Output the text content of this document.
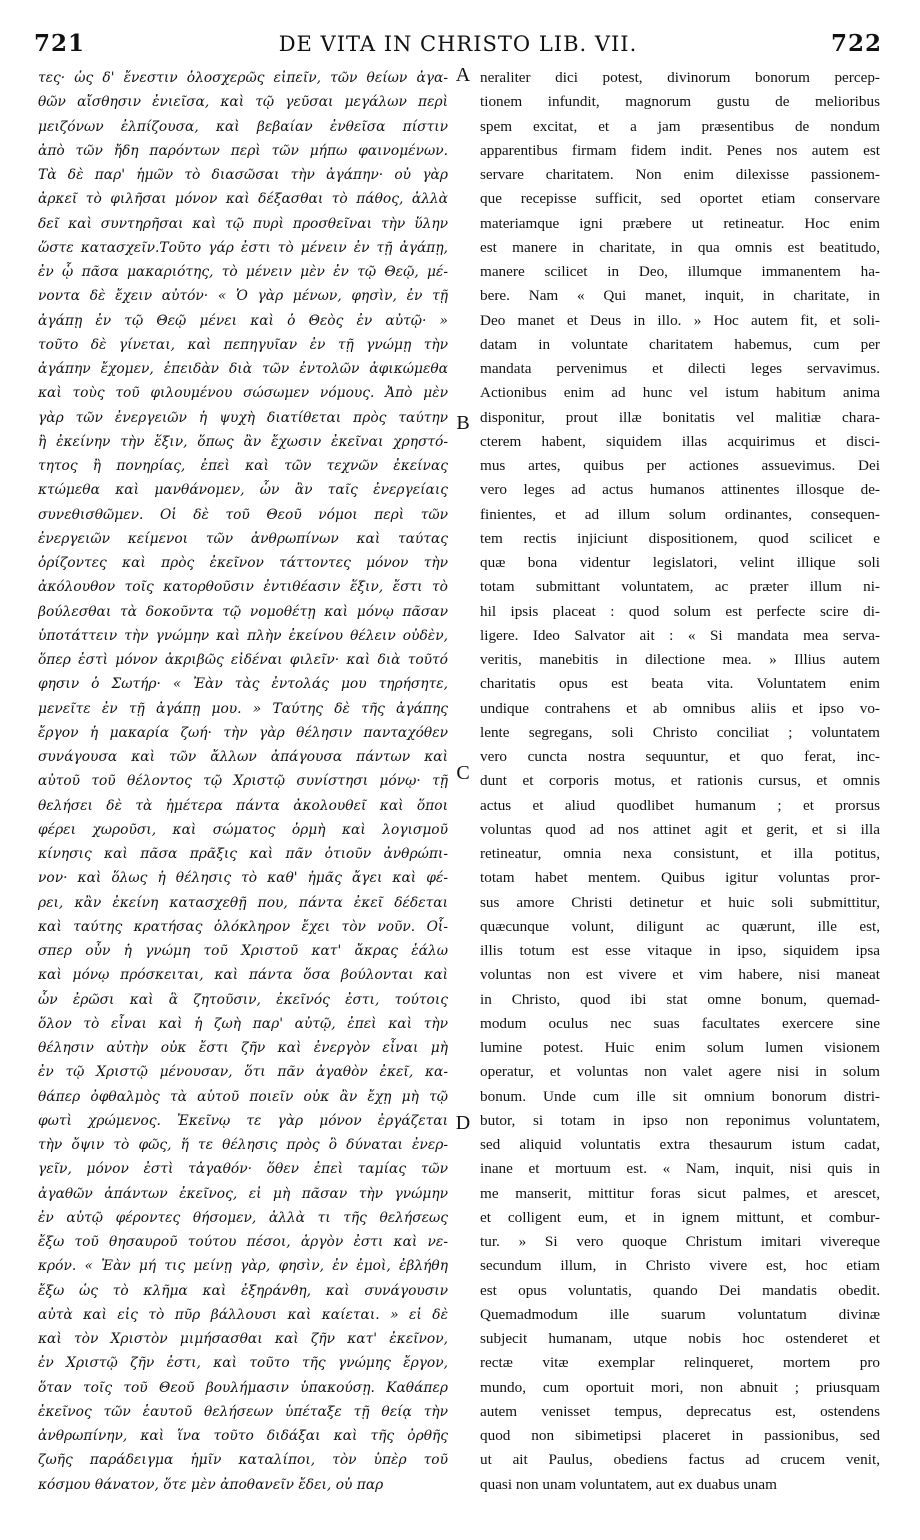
721	DE VITA IN CHRISTO LIB. VII.	722
τες· ὡς δ' ἔνεστιν ὁλοσχερῶς εἰπεῖν, τῶν θείων ἀγα-
θῶν αἴσθησιν ἐνιεῖσα, καὶ τῷ γεῦσαι μεγάλων περὶ
μειζόνων ἐλπίζουσα, καὶ βεβαίαν ἐνθεῖσα πίστιν
ἀπὸ τῶν ἤδη παρόντων περὶ τῶν μήπω φαινομένων.
Τὰ δὲ παρ' ἡμῶν τὸ διασῶσαι τὴν ἀγάπην· οὐ γὰρ
ἀρκεῖ τὸ φιλῆσαι μόνον καὶ δέξασθαι τὸ πάθος, ἀλλὰ
δεῖ καὶ συντηρῆσαι καὶ τῷ πυρὶ προσθεῖναι τὴν ὕλην
ὥστε κατασχεῖν.Τοῦτο γάρ ἐστι τὸ μένειν ἐν τῇ ἀγάπῃ,
ἐν ᾧ πᾶσα μακαριότης, τὸ μένειν μὲν ἐν τῷ Θεῷ, μέ-
νοντα δὲ ἔχειν αὐτόν· « Ὁ γὰρ μένων, φησὶν, ἐν τῇ
ἀγάπῃ ἐν τῷ Θεῷ μένει καὶ ὁ Θεὸς ἐν αὐτῷ· »
τοῦτο δὲ γίνεται, καὶ πεπηγυῖαν ἐν τῇ γνώμῃ τὴν
ἀγάπην ἔχομεν, ἐπειδὰν διὰ τῶν ἐντολῶν ἀφικώμεθα
καὶ τοὺς τοῦ φιλουμένου σώσωμεν νόμους. Ἀπὸ μὲν
γὰρ τῶν ἐνεργειῶν ἡ ψυχὴ διατίθεται πρὸς ταύτην
ἢ ἐκείνην τὴν ἕξιν, ὅπως ἂν ἔχωσιν ἐκεῖναι χρηστό-
τητος ἢ πονηρίας, ἐπεὶ καὶ τῶν τεχνῶν ἐκείνας
κτώμεθα καὶ μανθάνομεν, ὧν ἂν ταῖς ἐνεργείαις
συνεθισθῶμεν. Οἱ δὲ τοῦ Θεοῦ νόμοι περὶ τῶν
ἐνεργειῶν κείμενοι τῶν ἀνθρωπίνων καὶ ταύτας
ὁρίζοντες καὶ πρὸς ἐκεῖνον τάττοντες μόνον τὴν
ἀκόλουθον τοῖς κατορθοῦσιν ἐντιθέασιν ἕξιν, ἔστι τὸ
βούλεσθαι τὰ δοκοῦντα τῷ νομοθέτῃ καὶ μόνῳ πᾶσαν
ὑποτάττειν τὴν γνώμην καὶ πλὴν ἐκείνου θέλειν οὐδὲν,
ὅπερ ἐστὶ μόνον ἀκριβῶς εἰδέναι φιλεῖν· καὶ διὰ τοῦτό
φησιν ὁ Σωτήρ· « Ἐὰν τὰς ἐντολάς μου τηρήσητε,
μενεῖτε ἐν τῇ ἀγάπῃ μου. » Ταύτης δὲ τῆς ἀγάπης
ἔργον ἡ μακαρία ζωή· τὴν γὰρ θέλησιν πανταχόθεν
συνάγουσα καὶ τῶν ἄλλων ἀπάγουσα πάντων καὶ
αὐτοῦ τοῦ θέλοντος τῷ Χριστῷ συνίστησι μόνῳ· τῇ
θελήσει δὲ τὰ ἡμέτερα πάντα ἀκολουθεῖ καὶ ὅποι
φέρει χωροῦσι, καὶ σώματος ὁρμὴ καὶ λογισμοῦ
κίνησις καὶ πᾶσα πρᾶξις καὶ πᾶν ὁτιοῦν ἀνθρώπι-
νον· καὶ ὅλως ἡ θέλησις τὸ καθ' ἡμᾶς ἄγει καὶ φέ-
ρει, κἂν ἐκείνη κατασχεθῇ που, πάντα ἐκεῖ δέδεται
καὶ ταύτης κρατήσας ὁλόκληρον ἔχει τὸν νοῦν. Οἷ-
σπερ οὖν ἡ γνώμη τοῦ Χριστοῦ κατ' ἄκρας ἑάλω
καὶ μόνῳ πρόσκειται, καὶ πάντα ὅσα βούλονται καὶ
ὧν ἐρῶσι καὶ ἃ ζητοῦσιν, ἐκεῖνός ἐστι, τούτοις
ὅλον τὸ εἶναι καὶ ἡ ζωὴ παρ' αὐτῷ, ἐπεὶ καὶ τὴν
θέλησιν αὐτὴν οὐκ ἔστι ζῆν καὶ ἐνεργὸν εἶναι μὴ
ἐν τῷ Χριστῷ μένουσαν, ὅτι πᾶν ἀγαθὸν ἐκεῖ, κα-
θάπερ ὀφθαλμὸς τὰ αὑτοῦ ποιεῖν οὐκ ἂν ἔχῃ μὴ τῷ
φωτὶ χρώμενος. Ἐκεῖνῳ τε γὰρ μόνον ἐργάζεται
τὴν ὄψιν τὸ φῶς, ἥ τε θέλησις πρὸς ὃ δύναται ἐνερ-
γεῖν, μόνον ἐστὶ τἀγαθόν· ὅθεν ἐπεὶ ταμίας τῶν
ἀγαθῶν ἁπάντων ἐκεῖνος, εἰ μὴ πᾶσαν τὴν γνώμην
ἐν αὐτῷ φέροντες θήσομεν, ἀλλὰ τι τῆς θελήσεως
ἔξω τοῦ θησαυροῦ τούτου πέσοι, ἀργὸν ἐστι καὶ νε-
κρόν. « Ἐὰν μή τις μείνῃ γὰρ, φησὶν, ἐν ἐμοὶ, ἐβλήθη
ἔξω ὡς τὸ κλῆμα καὶ ἐξηράνθη, καὶ συνάγουσιν
αὐτὰ καὶ εἰς τὸ πῦρ βάλλουσι καὶ καίεται. » εἰ δὲ
καὶ τὸν Χριστὸν μιμήσασθαι καὶ ζῆν κατ' ἐκεῖνον,
ἐν Χριστῷ ζῆν ἐστι, καὶ τοῦτο τῆς γνώμης ἔργον,
ὅταν τοῖς τοῦ Θεοῦ βουλήμασιν ὑπακούσῃ. Καθάπερ
ἐκεῖνος τῶν ἑαυτοῦ θελήσεων ὑπέταξε τῇ θείᾳ τὴν
ἀνθρωπίνην, καὶ ἵνα τοῦτο διδάξαι καὶ τῆς ὀρθῆς
ζωῆς παράδειγμα ἡμῖν καταλίποι, τὸν ὑπὲρ τοῦ
κόσμου θάνατον, ὅτε μὲν ἀποθανεῖν ἔδει, οὐ παρ
neraliter dici potest, divinorum bonorum percep-
tionem infundit, magnorum gustu de melioribus
spem excitat, et a jam præsentibus de nondum
apparentibus firmam fidem indit. Penes nos autem est
servare charitatem. Non enim dilexisse passionem-
que recepisse sufficit, sed oportet etiam conservare
materiamque igni præbere ut retineatur. Hoc enim
est manere in charitate, in qua omnis est beatitudo,
manere scilicet in Deo, illumque immanentem ha-
bere. Nam « Qui manet, inquit, in charitate, in
Deo manet et Deus in illo. » Hoc autem fit, et soli-
datam in voluntate charitatem habemus, cum per
mandata pervenimus et dilecti leges servavimus.
Actionibus enim ad hunc vel istum habitum anima
disponitur, prout illæ bonitatis vel malitiæ chara-
cterem habent, siquidem illas acquirimus et disci-
mus artes, quibus per actiones assuevimus. Dei
vero leges ad actus humanos attinentes illosque de-
finientes, et ad illum solum ordinantes, consequen-
tem rectis injiciunt dispositionem, quod scilicet e
quæ bona videntur legislatori, velint illique soli
totam submittant voluntatem, ac præter illum ni-
hil ipsis placeat : quod solum est perfecte scire di-
ligere. Ideo Salvator ait : « Si mandata mea serva-
veritis, manebitis in dilectione mea. » Illius autem
charitatis opus est beata vita. Voluntatem enim
undique contrahens et ab omnibus aliis et ipso vo-
lente segregans, soli Christo conciliat ; voluntatem
vero cuncta nostra sequuntur, et quo ferat, inc-
dunt et corporis motus, et rationis cursus, et omnis
actus et aliud quodlibet humanum ; et prorsus
voluntas quod ad nos attinet agit et gerit, et si illa
retineatur, omnia nexa consistunt, et illa potitus,
totam habet mentem. Quibus igitur voluntas pror-
sus amore Christi detinetur et huic soli submittitur,
quæcunque volunt, diligunt ac quærunt, ille est,
illis totum est esse vitaque in ipso, siquidem ipsa
voluntas non est vivere et vim habere, nisi maneat
in Christo, quod ibi stat omne bonum, quemad-
modum oculus nec suas facultates exercere sine
lumine potest. Huic enim solum lumen visionem
operatur, et voluntas non valet agere nisi in solum
bonum. Unde cum ille sit omnium bonorum distri-
butor, si totam in ipso non reponimus voluntatem,
sed aliquid voluntatis extra thesaurum istum cadat,
inane et mortuum est. « Nam, inquit, nisi quis in
me manserit, mittitur foras sicut palmes, et arescet,
et colligent eum, et in ignem mittunt, et combur-
tur. » Si vero quoque Christum imitari vivereque
secundum illum, in Christo vivere est, hoc etiam
est opus voluntatis, quando Dei mandatis obedit.
Quemadmodum ille suarum voluntatum divinæ
subjecit humanam, utque nobis hoc ostenderet et
rectæ vitæ exemplar relinqueret, mortem pro
mundo, cum oportuit mori, non abnuit ; priusquam
autem venisset tempus, deprecatus est, ostendens
quod non sibimetipsi placeret in passionibus, sed
ut ait Paulus, obediens factus ad crucem venit,
quasi non unam voluntatem, aut ex duabus unam
A
B
C
D
